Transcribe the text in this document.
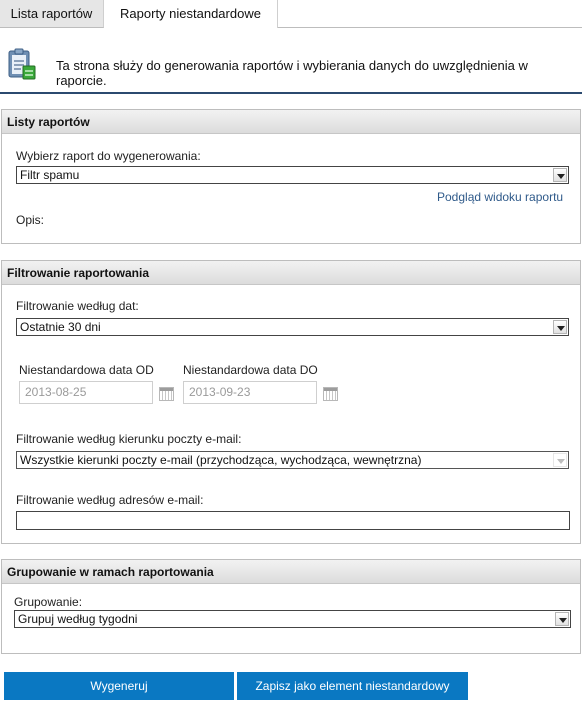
Lista raportów	Raporty niestandardowe
Ta strona służy do generowania raportów i wybierania danych do uwzględnienia w raporcie.
Listy raportów
Wybierz raport do wygenerowania:
Filtr spamu
Podgląd widoku raportu
Opis:
Filtrowanie raportowania
Filtrowanie według dat:
Ostatnie 30 dni
Niestandardowa data OD
2013-08-25
Niestandardowa data DO
2013-09-23
Filtrowanie według kierunku poczty e-mail:
Wszystkie kierunki poczty e-mail (przychodząca, wychodząca, wewnętrzna)
Filtrowanie według adresów e-mail:
Grupowanie w ramach raportowania
Grupowanie:
Grupuj według tygodni
Wygeneruj	Zapisz jako element niestandardowy
